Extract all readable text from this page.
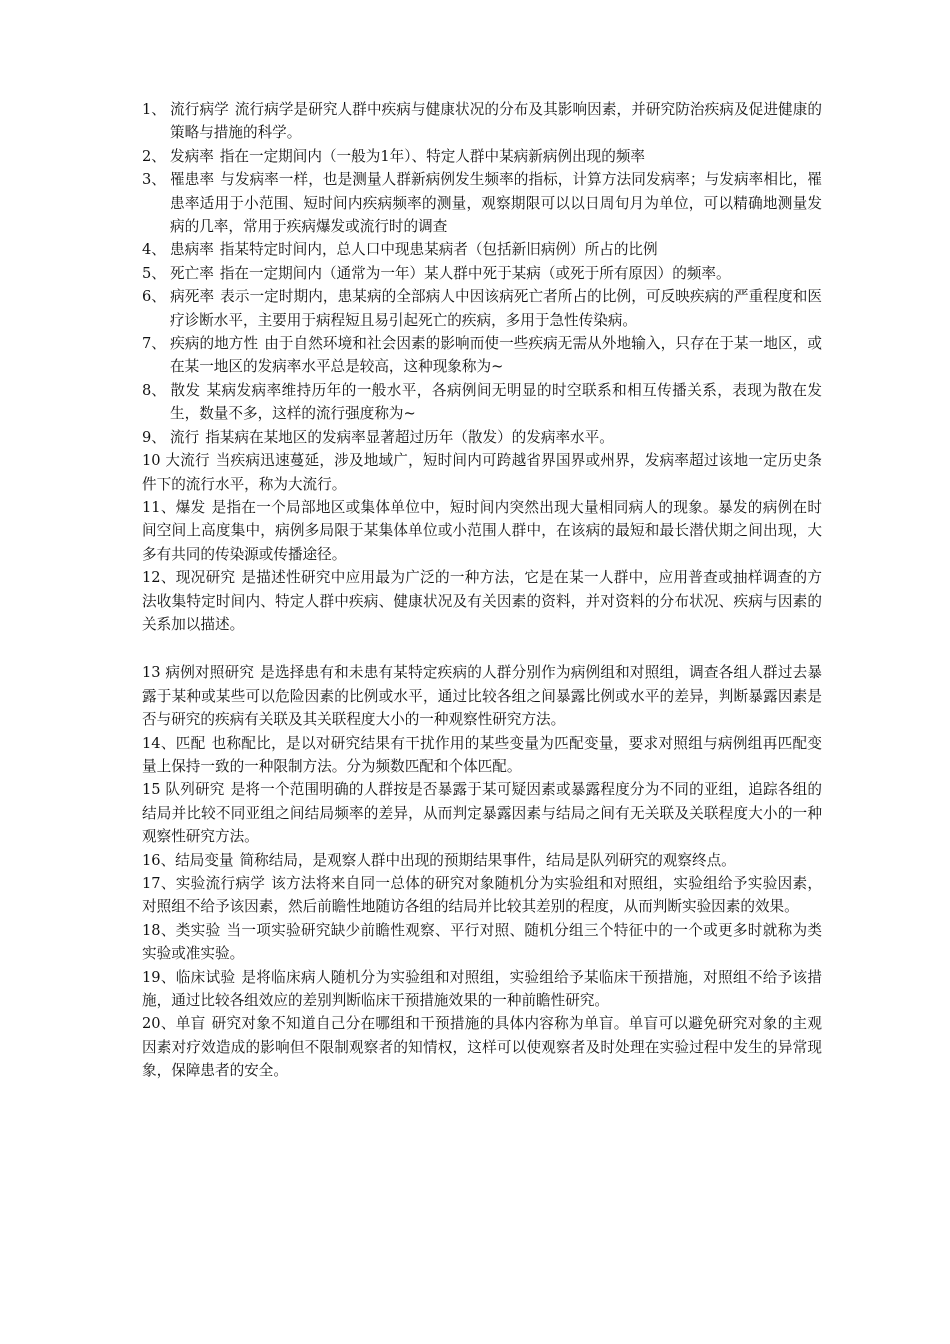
1、 流行病学 流行病学是研究人群中疾病与健康状况的分布及其影响因素，并研究防治疾病及促进健康的策略与措施的科学。
2、 发病率 指在一定期间内（一般为1年）、特定人群中某病新病例出现的频率
3、 罹患率 与发病率一样，也是测量人群新病例发生频率的指标，计算方法同发病率；与发病率相比，罹患率适用于小范围、短时间内疾病频率的测量，观察期限可以以日周旬月为单位，可以精确地测量发病的几率，常用于疾病爆发或流行时的调查
4、 患病率 指某特定时间内，总人口中现患某病者（包括新旧病例）所占的比例
5、 死亡率 指在一定期间内（通常为一年）某人群中死于某病（或死于所有原因）的频率。
6、 病死率 表示一定时期内，患某病的全部病人中因该病死亡者所占的比例，可反映疾病的严重程度和医疗诊断水平，主要用于病程短且易引起死亡的疾病，多用于急性传染病。
7、 疾病的地方性 由于自然环境和社会因素的影响而使一些疾病无需从外地输入，只存在于某一地区，或在某一地区的发病率水平总是较高，这种现象称为~
8、 散发 某病发病率维持历年的一般水平，各病例间无明显的时空联系和相互传播关系，表现为散在发生，数量不多，这样的流行强度称为~
9、 流行 指某病在某地区的发病率显著超过历年（散发）的发病率水平。
10 大流行 当疾病迅速蔓延，涉及地域广，短时间内可跨越省界国界或州界，发病率超过该地一定历史条件下的流行水平，称为大流行。
11、爆发 是指在一个局部地区或集体单位中，短时间内突然出现大量相同病人的现象。暴发的病例在时间空间上高度集中，病例多局限于某集体单位或小范围人群中，在该病的最短和最长潜伏期之间出现，大多有共同的传染源或传播途径。
12、现况研究 是描述性研究中应用最为广泛的一种方法，它是在某一人群中，应用普查或抽样调查的方法收集特定时间内、特定人群中疾病、健康状况及有关因素的资料，并对资料的分布状况、疾病与因素的关系加以描述。
13 病例对照研究 是选择患有和未患有某特定疾病的人群分别作为病例组和对照组，调查各组人群过去暴露于某种或某些可以危险因素的比例或水平，通过比较各组之间暴露比例或水平的差异，判断暴露因素是否与研究的疾病有关联及其关联程度大小的一种观察性研究方法。
14、匹配 也称配比，是以对研究结果有干扰作用的某些变量为匹配变量，要求对照组与病例组再匹配变量上保持一致的一种限制方法。分为频数匹配和个体匹配。
15 队列研究 是将一个范围明确的人群按是否暴露于某可疑因素或暴露程度分为不同的亚组，追踪各组的结局并比较不同亚组之间结局频率的差异，从而判定暴露因素与结局之间有无关联及关联程度大小的一种观察性研究方法。
16、结局变量 简称结局，是观察人群中出现的预期结果事件，结局是队列研究的观察终点。
17、实验流行病学 该方法将来自同一总体的研究对象随机分为实验组和对照组，实验组给予实验因素，对照组不给予该因素，然后前瞻性地随访各组的结局并比较其差别的程度，从而判断实验因素的效果。
18、类实验 当一项实验研究缺少前瞻性观察、平行对照、随机分组三个特征中的一个或更多时就称为类实验或准实验。
19、临床试验 是将临床病人随机分为实验组和对照组，实验组给予某临床干预措施，对照组不给予该措施，通过比较各组效应的差别判断临床干预措施效果的一种前瞻性研究。
20、单盲 研究对象不知道自己分在哪组和干预措施的具体内容称为单盲。单盲可以避免研究对象的主观因素对疗效造成的影响但不限制观察者的知情权，这样可以使观察者及时处理在实验过程中发生的异常现象，保障患者的安全。
